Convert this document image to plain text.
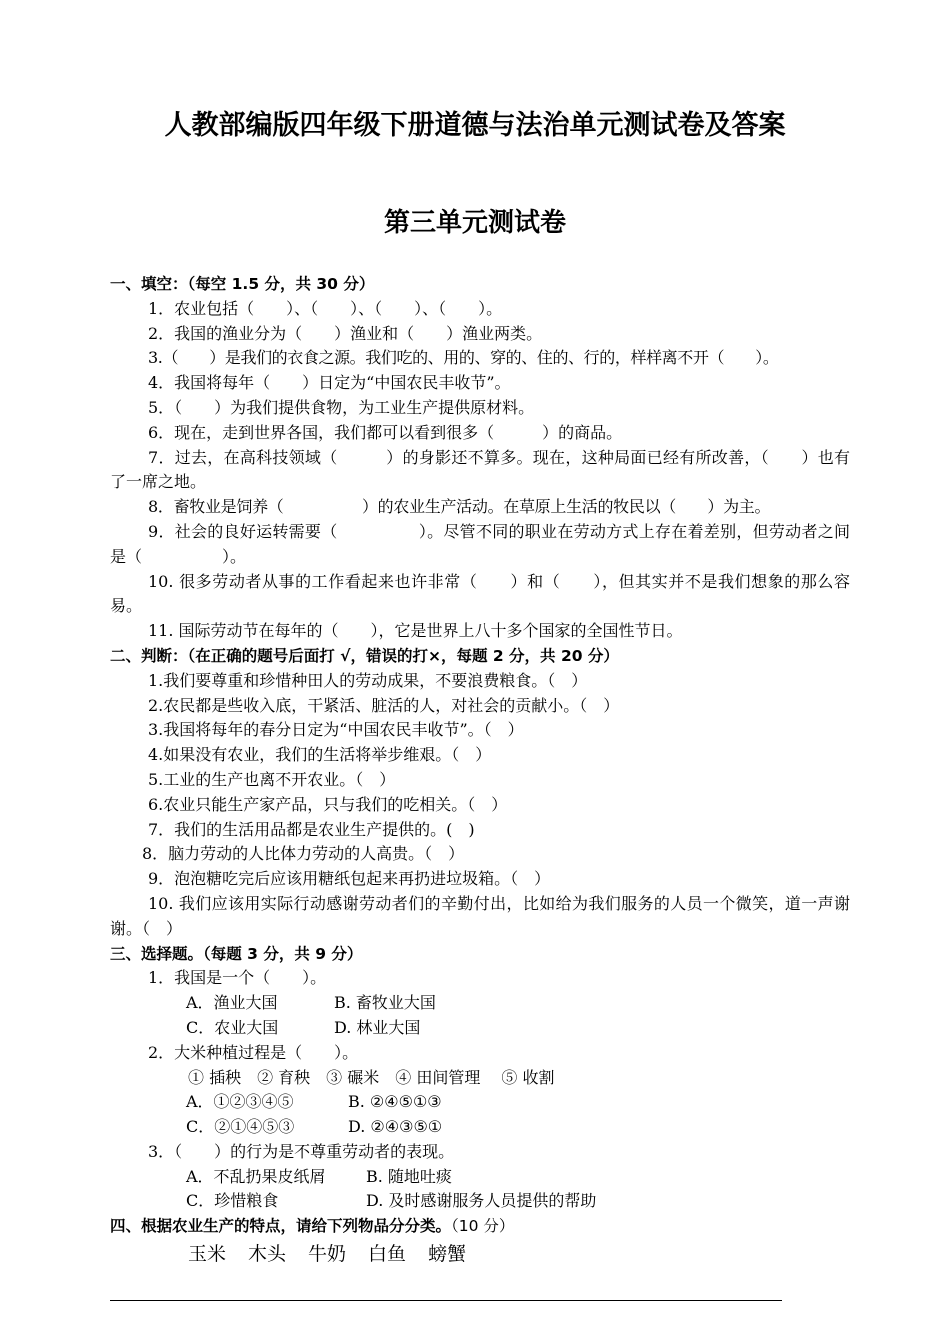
人教部编版四年级下册道德与法治单元测试卷及答案
第三单元测试卷
一、填空：（每空 1.5 分，共 30 分）
1．农业包括（　　）、（　　）、（　　）、（　　）。
2．我国的渔业分为（　　）渔业和（　　）渔业两类。
3.（　　）是我们的衣食之源。我们吃的、用的、穿的、住的、行的，样样离不开（　　）。
4．我国将每年（　　）日定为“中国农民丰收节”。
5．（　　）为我们提供食物，为工业生产提供原材料。
6．现在，走到世界各国，我们都可以看到很多（　　　）的商品。
7．过去，在高科技领域（　　　）的身影还不算多。现在，这种局面已经有所改善，（　　）也有了一席之地。
8．畜牧业是饲养（　　　　　）的农业生产活动。在草原上生活的牧民以（　　）为主。
9．社会的良好运转需要（　　　　　）。尽管不同的职业在劳动方式上存在着差别，但劳动者之间是（　　　　　）。
10. 很多劳动者从事的工作看起来也许非常（　　）和（　　），但其实并不是我们想象的那么容易。
11. 国际劳动节在每年的（　　），它是世界上八十多个国家的全国性节日。
二、判断：（在正确的题号后面打 √，错误的打×，每题 2 分，共 20 分）
1.我们要尊重和珍惜种田人的劳动成果，不要浪费粮食。（　）
2.农民都是些收入底，干紧活、脏活的人，对社会的贡献小。（　）
3.我国将每年的春分日定为“中国农民丰收节”。（　）
4.如果没有农业，我们的生活将举步维艰。（　）
5.工业的生产也离不开农业。（　）
6.农业只能生产家产品，只与我们的吃相关。（　）
7．我们的生活用品都是农业生产提供的。(　)
8．脑力劳动的人比体力劳动的人高贵。（　）
9．泡泡糖吃完后应该用糖纸包起来再扔进垃圾箱。（　）
10. 我们应该用实际行动感谢劳动者们的辛勤付出，比如给为我们服务的人员一个微笑，道一声谢谢。（　）
三、选择题。（每题 3 分，共 9 分）
1．我国是一个（　　）。
A．渔业大国	B. 畜牧业大国
C．农业大国	D. 林业大国
2．大米种植过程是（　　）。
① 插秧　② 育秧　③ 碾米　④ 田间管理　 ⑤ 收割
A．①②③④⑤	B. ②④⑤①③
C．②①④⑤③	D. ②④③⑤①
3．（　　）的行为是不尊重劳动者的表现。
A．不乱扔果皮纸屑	B. 随地吐痰
C．珍惜粮食	D. 及时感谢服务人员提供的帮助
四、根据农业生产的特点，请给下列物品分分类。（10 分）
玉米 木头 牛奶 白鱼 螃蟹
